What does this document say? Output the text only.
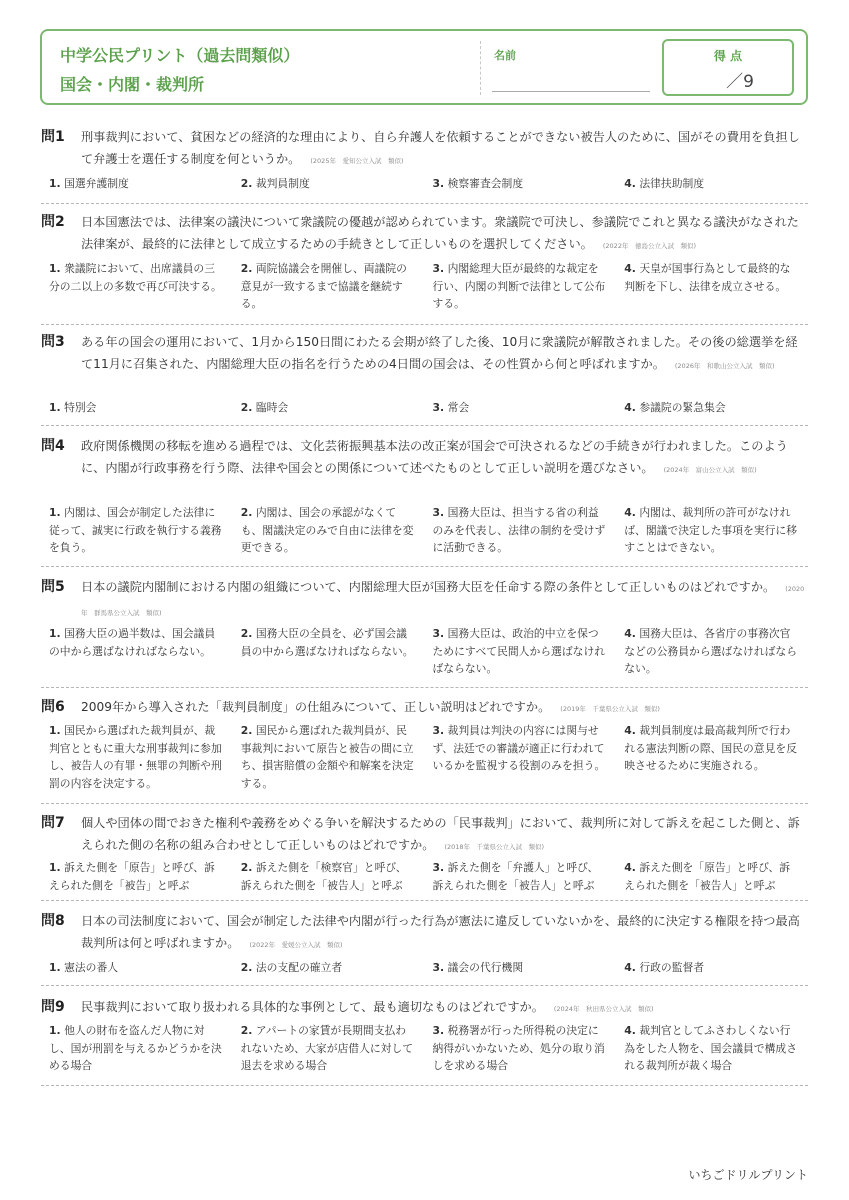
中学公民プリント（過去問類似）
国会・内閣・裁判所
名前	得 点
／9
問1 刑事裁判において、貧困などの経済的な理由により、自ら弁護人を依頼することができない被告人のために、国がその費用を負担して弁護士を選任する制度を何というか。 (2025年　愛知公立入試　類似)
1. 国選弁護制度	2. 裁判員制度	3. 検察審査会制度	4. 法律扶助制度
問2 日本国憲法では、法律案の議決について衆議院の優越が認められています。衆議院で可決し、参議院でこれと異なる議決がなされた法律案が、最終的に法律として成立するための手続きとして正しいものを選択してください。 (2022年　徳島公立入試　類似)
1. 衆議院において、出席議員の三分の二以上の多数で再び可決する。
2. 両院協議会を開催し、両議院の意見が一致するまで協議を継続する。
3. 内閣総理大臣が最終的な裁定を行い、内閣の判断で法律として公布する。
4. 天皇が国事行為として最終的な判断を下し、法律を成立させる。
問3 ある年の国会の運用において、1月から150日間にわたる会期が終了した後、10月に衆議院が解散されました。その後の総選挙を経て11月に召集された、内閣総理大臣の指名を行うための4日間の国会は、その性質から何と呼ばれますか。 (2026年　和歌山公立入試　類似)
1. 特別会	2. 臨時会	3. 常会	4. 参議院の緊急集会
問4 政府関係機関の移転を進める過程では、文化芸術振興基本法の改正案が国会で可決されるなどの手続きが行われました。このように、内閣が行政事務を行う際、法律や国会との関係について述べたものとして正しい説明を選びなさい。 (2024年　富山公立入試　類似)
1. 内閣は、国会が制定した法律に従って、誠実に行政を執行する義務を負う。
2. 内閣は、国会の承認がなくても、閣議決定のみで自由に法律を変更できる。
3. 国務大臣は、担当する省の利益のみを代表し、法律の制約を受けずに活動できる。
4. 内閣は、裁判所の許可がなければ、閣議で決定した事項を実行に移すことはできない。
問5 日本の議院内閣制における内閣の組織について、内閣総理大臣が国務大臣を任命する際の条件として正しいものはどれですか。 (2020年　群馬県公立入試　類似)
1. 国務大臣の過半数は、国会議員の中から選ばなければならない。
2. 国務大臣の全員を、必ず国会議員の中から選ばなければならない。
3. 国務大臣は、政治的中立を保つためにすべて民間人から選ばなければならない。
4. 国務大臣は、各省庁の事務次官などの公務員から選ばなければならない。
問6 2009年から導入された「裁判員制度」の仕組みについて、正しい説明はどれですか。 (2019年　千葉県公立入試　類似)
1. 国民から選ばれた裁判員が、裁判官とともに重大な刑事裁判に参加し、被告人の有罪・無罪の判断や刑罰の内容を決定する。
2. 国民から選ばれた裁判員が、民事裁判において原告と被告の間に立ち、損害賠償の金額や和解案を決定する。
3. 裁判員は判決の内容には関与せず、法廷での審議が適正に行われているかを監視する役割のみを担う。
4. 裁判員制度は最高裁判所で行われる憲法判断の際、国民の意見を反映させるために実施される。
問7 個人や団体の間でおきた権利や義務をめぐる争いを解決するための「民事裁判」において、裁判所に対して訴えを起こした側と、訴えられた側の名称の組み合わせとして正しいものはどれですか。 (2018年　千葉県公立入試　類似)
1. 訴えた側を「原告」と呼び、訴えられた側を「被告」と呼ぶ
2. 訴えた側を「検察官」と呼び、訴えられた側を「被告人」と呼ぶ
3. 訴えた側を「弁護人」と呼び、訴えられた側を「被告人」と呼ぶ
4. 訴えた側を「原告」と呼び、訴えられた側を「被告人」と呼ぶ
問8 日本の司法制度において、国会が制定した法律や内閣が行った行為が憲法に違反していないかを、最終的に決定する権限を持つ最高裁判所は何と呼ばれますか。 (2022年　愛媛公立入試　類似)
1. 憲法の番人	2. 法の支配の確立者	3. 議会の代行機関	4. 行政の監督者
問9 民事裁判において取り扱われる具体的な事例として、最も適切なものはどれですか。 (2024年　秋田県公立入試　類似)
1. 他人の財布を盗んだ人物に対し、国が刑罰を与えるかどうかを決める場合
2. アパートの家賃が長期間支払われないため、大家が店借人に対して退去を求める場合
3. 税務署が行った所得税の決定に納得がいかないため、処分の取り消しを求める場合
4. 裁判官としてふさわしくない行為をした人物を、国会議員で構成される裁判所が裁く場合
いちごドリルプリント
